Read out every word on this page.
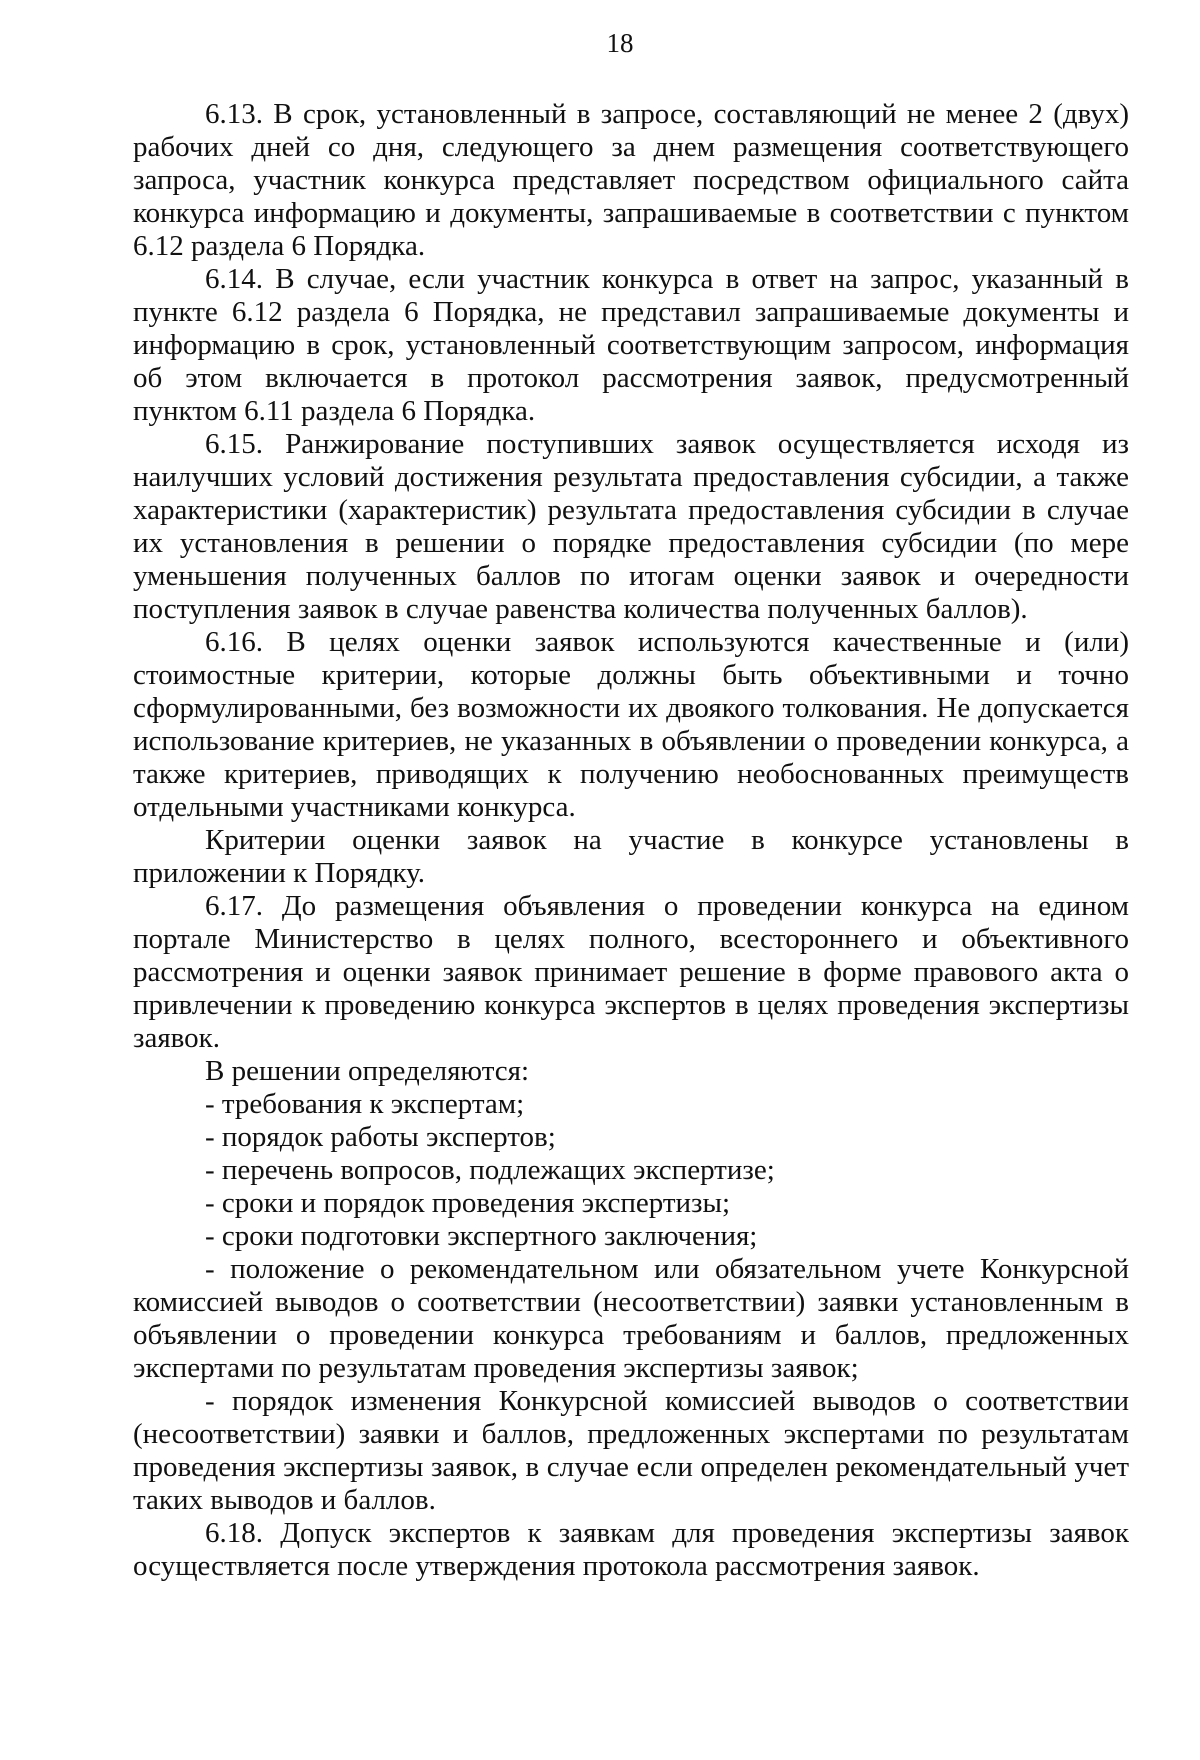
18

6.13. В срок, установленный в запросе, составляющий не менее 2 (двух) рабочих дней со дня, следующего за днем размещения соответствующего запроса, участник конкурса представляет посредством официального сайта конкурса информацию и документы, запрашиваемые в соответствии с пунктом 6.12 раздела 6 Порядка.

6.14. В случае, если участник конкурса в ответ на запрос, указанный в пункте 6.12 раздела 6 Порядка, не представил запрашиваемые документы и информацию в срок, установленный соответствующим запросом, информация об этом включается в протокол рассмотрения заявок, предусмотренный пунктом 6.11 раздела 6 Порядка.

6.15. Ранжирование поступивших заявок осуществляется исходя из наилучших условий достижения результата предоставления субсидии, а также характеристики (характеристик) результата предоставления субсидии в случае их установления в решении о порядке предоставления субсидии (по мере уменьшения полученных баллов по итогам оценки заявок и очередности поступления заявок в случае равенства количества полученных баллов).

6.16. В целях оценки заявок используются качественные и (или) стоимостные критерии, которые должны быть объективными и точно сформулированными, без возможности их двоякого толкования. Не допускается использование критериев, не указанных в объявлении о проведении конкурса, а также критериев, приводящих к получению необоснованных преимуществ отдельными участниками конкурса.

Критерии оценки заявок на участие в конкурсе установлены в приложении к Порядку.

6.17. До размещения объявления о проведении конкурса на едином портале Министерство в целях полного, всестороннего и объективного рассмотрения и оценки заявок принимает решение в форме правового акта о привлечении к проведению конкурса экспертов в целях проведения экспертизы заявок.

В решении определяются:

- требования к экспертам;

- порядок работы экспертов;

- перечень вопросов, подлежащих экспертизе;

- сроки и порядок проведения экспертизы;

- сроки подготовки экспертного заключения;

- положение о рекомендательном или обязательном учете Конкурсной комиссией выводов о соответствии (несоответствии) заявки установленным в объявлении о проведении конкурса требованиям и баллов, предложенных экспертами по результатам проведения экспертизы заявок;

- порядок изменения Конкурсной комиссией выводов о соответствии (несоответствии) заявки и баллов, предложенных экспертами по результатам проведения экспертизы заявок, в случае если определен рекомендательный учет таких выводов и баллов.

6.18. Допуск экспертов к заявкам для проведения экспертизы заявок осуществляется после утверждения протокола рассмотрения заявок.
